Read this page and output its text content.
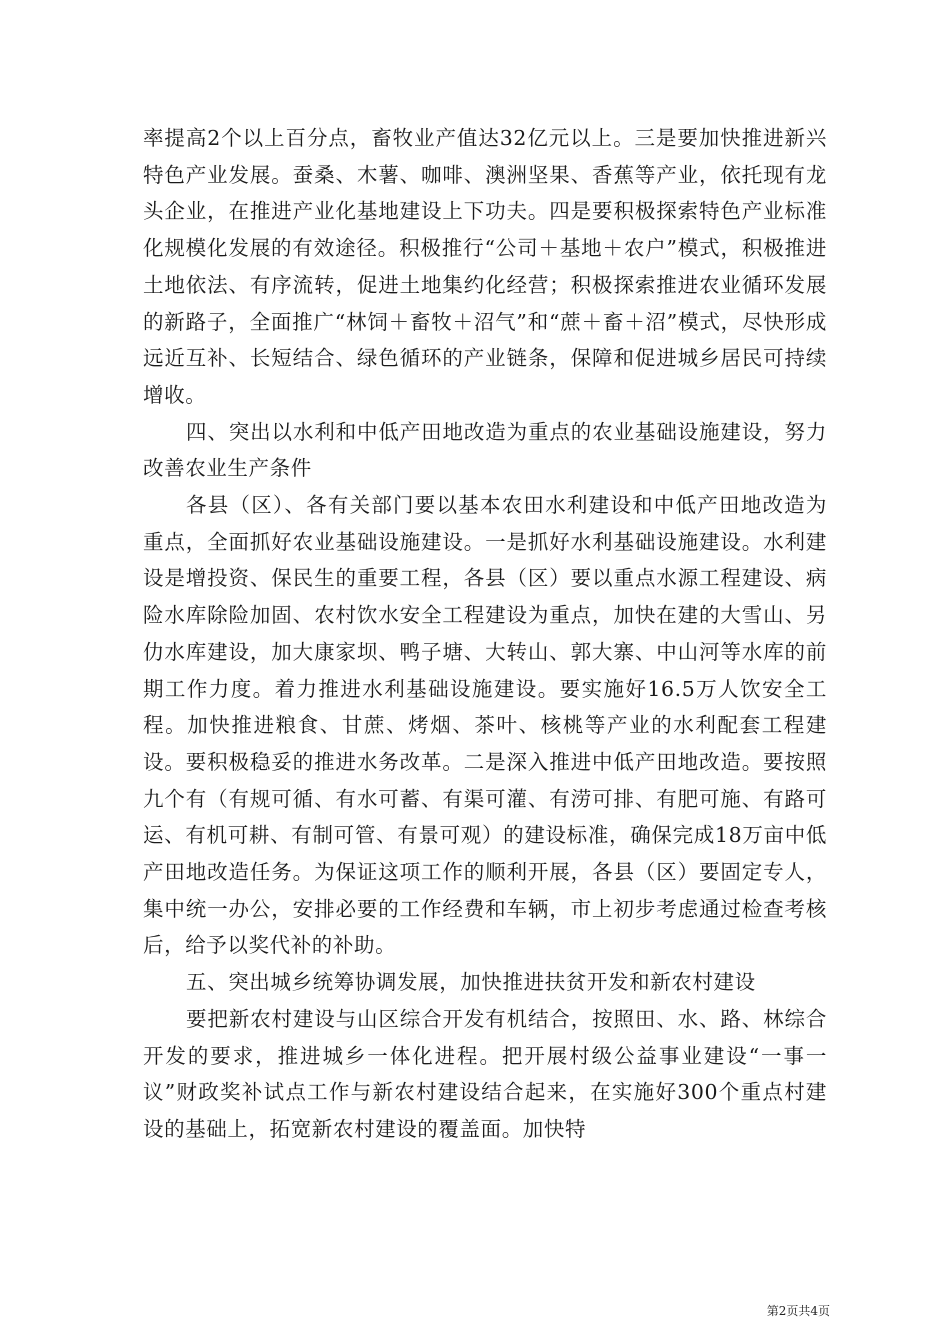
率提高2个以上百分点，畜牧业产值达32亿元以上。三是要加快推进新兴特色产业发展。蚕桑、木薯、咖啡、澳洲坚果、香蕉等产业，依托现有龙头企业，在推进产业化基地建设上下功夫。四是要积极探索特色产业标准化规模化发展的有效途径。积极推行“公司＋基地＋农户”模式，积极推进土地依法、有序流转，促进土地集约化经营；积极探索推进农业循环发展的新路子，全面推广“林饲＋畜牧＋沼气”和“蔗＋畜＋沼”模式，尽快形成远近互补、长短结合、绿色循环的产业链条，保障和促进城乡居民可持续增收。

四、突出以水利和中低产田地改造为重点的农业基础设施建设，努力改善农业生产条件

各县（区）、各有关部门要以基本农田水利建设和中低产田地改造为重点，全面抓好农业基础设施建设。一是抓好水利基础设施建设。水利建设是增投资、保民生的重要工程，各县（区）要以重点水源工程建设、病险水库除险加固、农村饮水安全工程建设为重点，加快在建的大雪山、另仂水库建设，加大康家坝、鸭子塘、大转山、郭大寨、中山河等水库的前期工作力度。着力推进水利基础设施建设。要实施好16.5万人饮安全工程。加快推进粮食、甘蔗、烤烟、茶叶、核桃等产业的水利配套工程建设。要积极稳妥的推进水务改革。二是深入推进中低产田地改造。要按照九个有（有规可循、有水可蓄、有渠可灌、有涝可排、有肥可施、有路可运、有机可耕、有制可管、有景可观）的建设标准，确保完成18万亩中低产田地改造任务。为保证这项工作的顺利开展，各县（区）要固定专人，集中统一办公，安排必要的工作经费和车辆，市上初步考虑通过检查考核后，给予以奖代补的补助。

五、突出城乡统筹协调发展，加快推进扶贫开发和新农村建设

要把新农村建设与山区综合开发有机结合，按照田、水、路、林综合开发的要求，推进城乡一体化进程。把开展村级公益事业建设“一事一议”财政奖补试点工作与新农村建设结合起来，在实施好300个重点村建设的基础上，拓宽新农村建设的覆盖面。加快特

第2页共4页
